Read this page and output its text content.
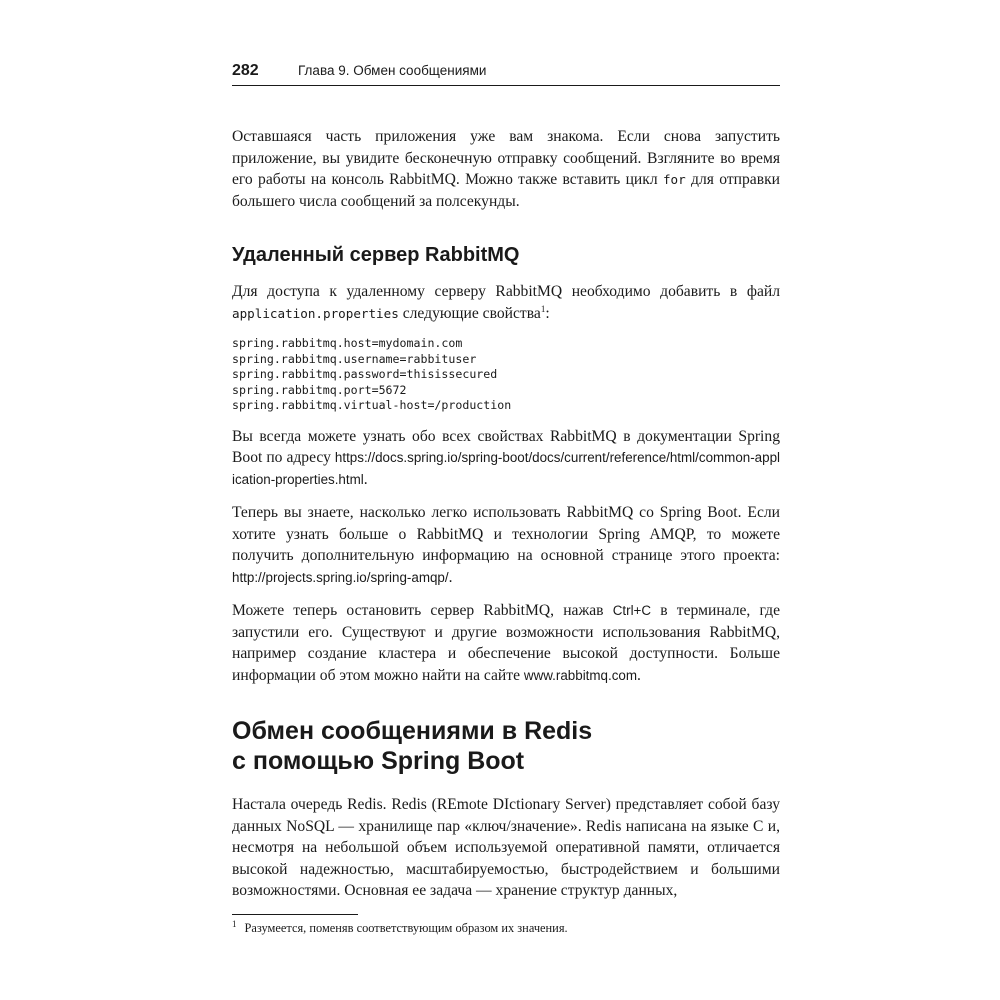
282	Глава 9. Обмен сообщениями

Оставшаяся часть приложения уже вам знакома. Если снова запустить приложение, вы увидите бесконечную отправку сообщений. Взгляните во время его работы на консоль RabbitMQ. Можно также вставить цикл for для отправки большего числа сообщений за полсекунды.

Удаленный сервер RabbitMQ

Для доступа к удаленному серверу RabbitMQ необходимо добавить в файл application.properties следующие свойства$^1$:

spring.rabbitmq.host=mydomain.com
spring.rabbitmq.username=rabbituser
spring.rabbitmq.password=thisissecured
spring.rabbitmq.port=5672
spring.rabbitmq.virtual-host=/production

Вы всегда можете узнать обо всех свойствах RabbitMQ в документации Spring Boot по адресу https://docs.spring.io/spring-boot/docs/current/reference/html/common-application-properties.html.

Теперь вы знаете, насколько легко использовать RabbitMQ со Spring Boot. Если хотите узнать больше о RabbitMQ и технологии Spring AMQP, то можете получить дополнительную информацию на основной странице этого проекта: http://projects.spring.io/spring-amqp/.

Можете теперь остановить сервер RabbitMQ, нажав Ctrl+C в терминале, где запустили его. Существуют и другие возможности использования RabbitMQ, например создание кластера и обеспечение высокой доступности. Больше информации об этом можно найти на сайте www.rabbitmq.com.

Обмен сообщениями в Redis
с помощью Spring Boot

Настала очередь Redis. Redis (REmote DIctionary Server) представляет собой базу данных NoSQL — хранилище пар «ключ/значение». Redis написана на языке C и, несмотря на небольшой объем используемой оперативной памяти, отличается высокой надежностью, масштабируемостью, быстродействием и большими возможностями. Основная ее задача — хранение структур данных,

$^1$ Разумеется, поменяв соответствующим образом их значения.
